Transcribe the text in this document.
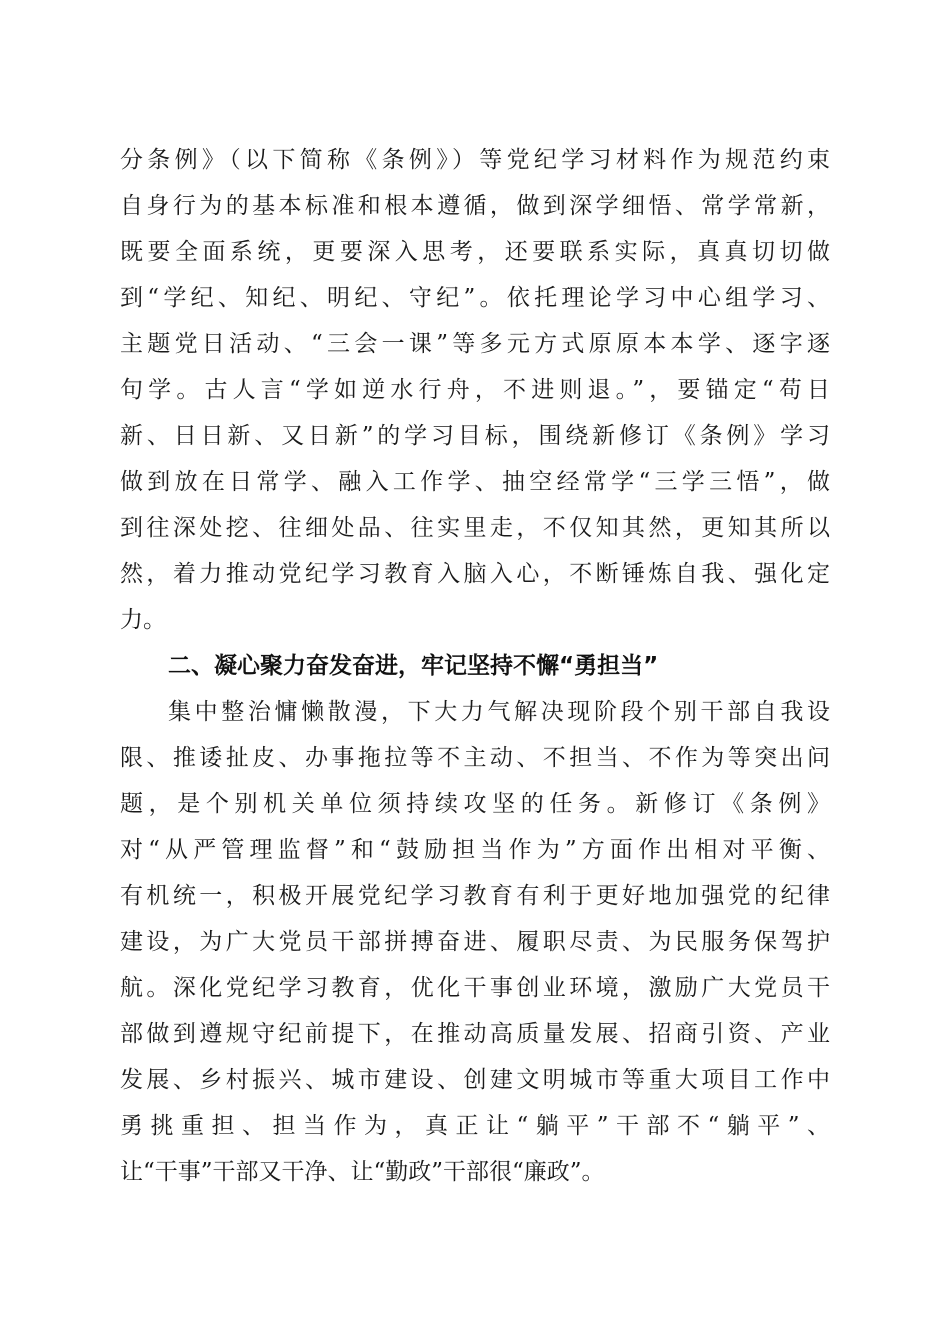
分条例》（以下简称《条例》）等党纪学习材料作为规范约束
自身行为的基本标准和根本遵循，做到深学细悟、常学常新，
既要全面系统，更要深入思考，还要联系实际，真真切切做
到“学纪、知纪、明纪、守纪”。依托理论学习中心组学习、
主题党日活动、“三会一课”等多元方式原原本本学、逐字逐
句学。古人言“学如逆水行舟，不进则退。”，要锚定“苟日
新、日日新、又日新”的学习目标，围绕新修订《条例》学习
做到放在日常学、融入工作学、抽空经常学“三学三悟”，做
到往深处挖、往细处品、往实里走，不仅知其然，更知其所以
然，着力推动党纪学习教育入脑入心，不断锤炼自我、强化定
力。
二、凝心聚力奋发奋进，牢记坚持不懈“勇担当”
集中整治慵懒散漫，下大力气解决现阶段个别干部自我设
限、推诿扯皮、办事拖拉等不主动、不担当、不作为等突出问
题，是个别机关单位须持续攻坚的任务。新修订《条例》
对“从严管理监督”和“鼓励担当作为”方面作出相对平衡、
有机统一，积极开展党纪学习教育有利于更好地加强党的纪律
建设，为广大党员干部拼搏奋进、履职尽责、为民服务保驾护
航。深化党纪学习教育，优化干事创业环境，激励广大党员干
部做到遵规守纪前提下，在推动高质量发展、招商引资、产业
发展、乡村振兴、城市建设、创建文明城市等重大项目工作中
勇挑重担、担当作为，真正让“躺平”干部不“躺平”、
让“干事”干部又干净、让“勤政”干部很“廉政”。
